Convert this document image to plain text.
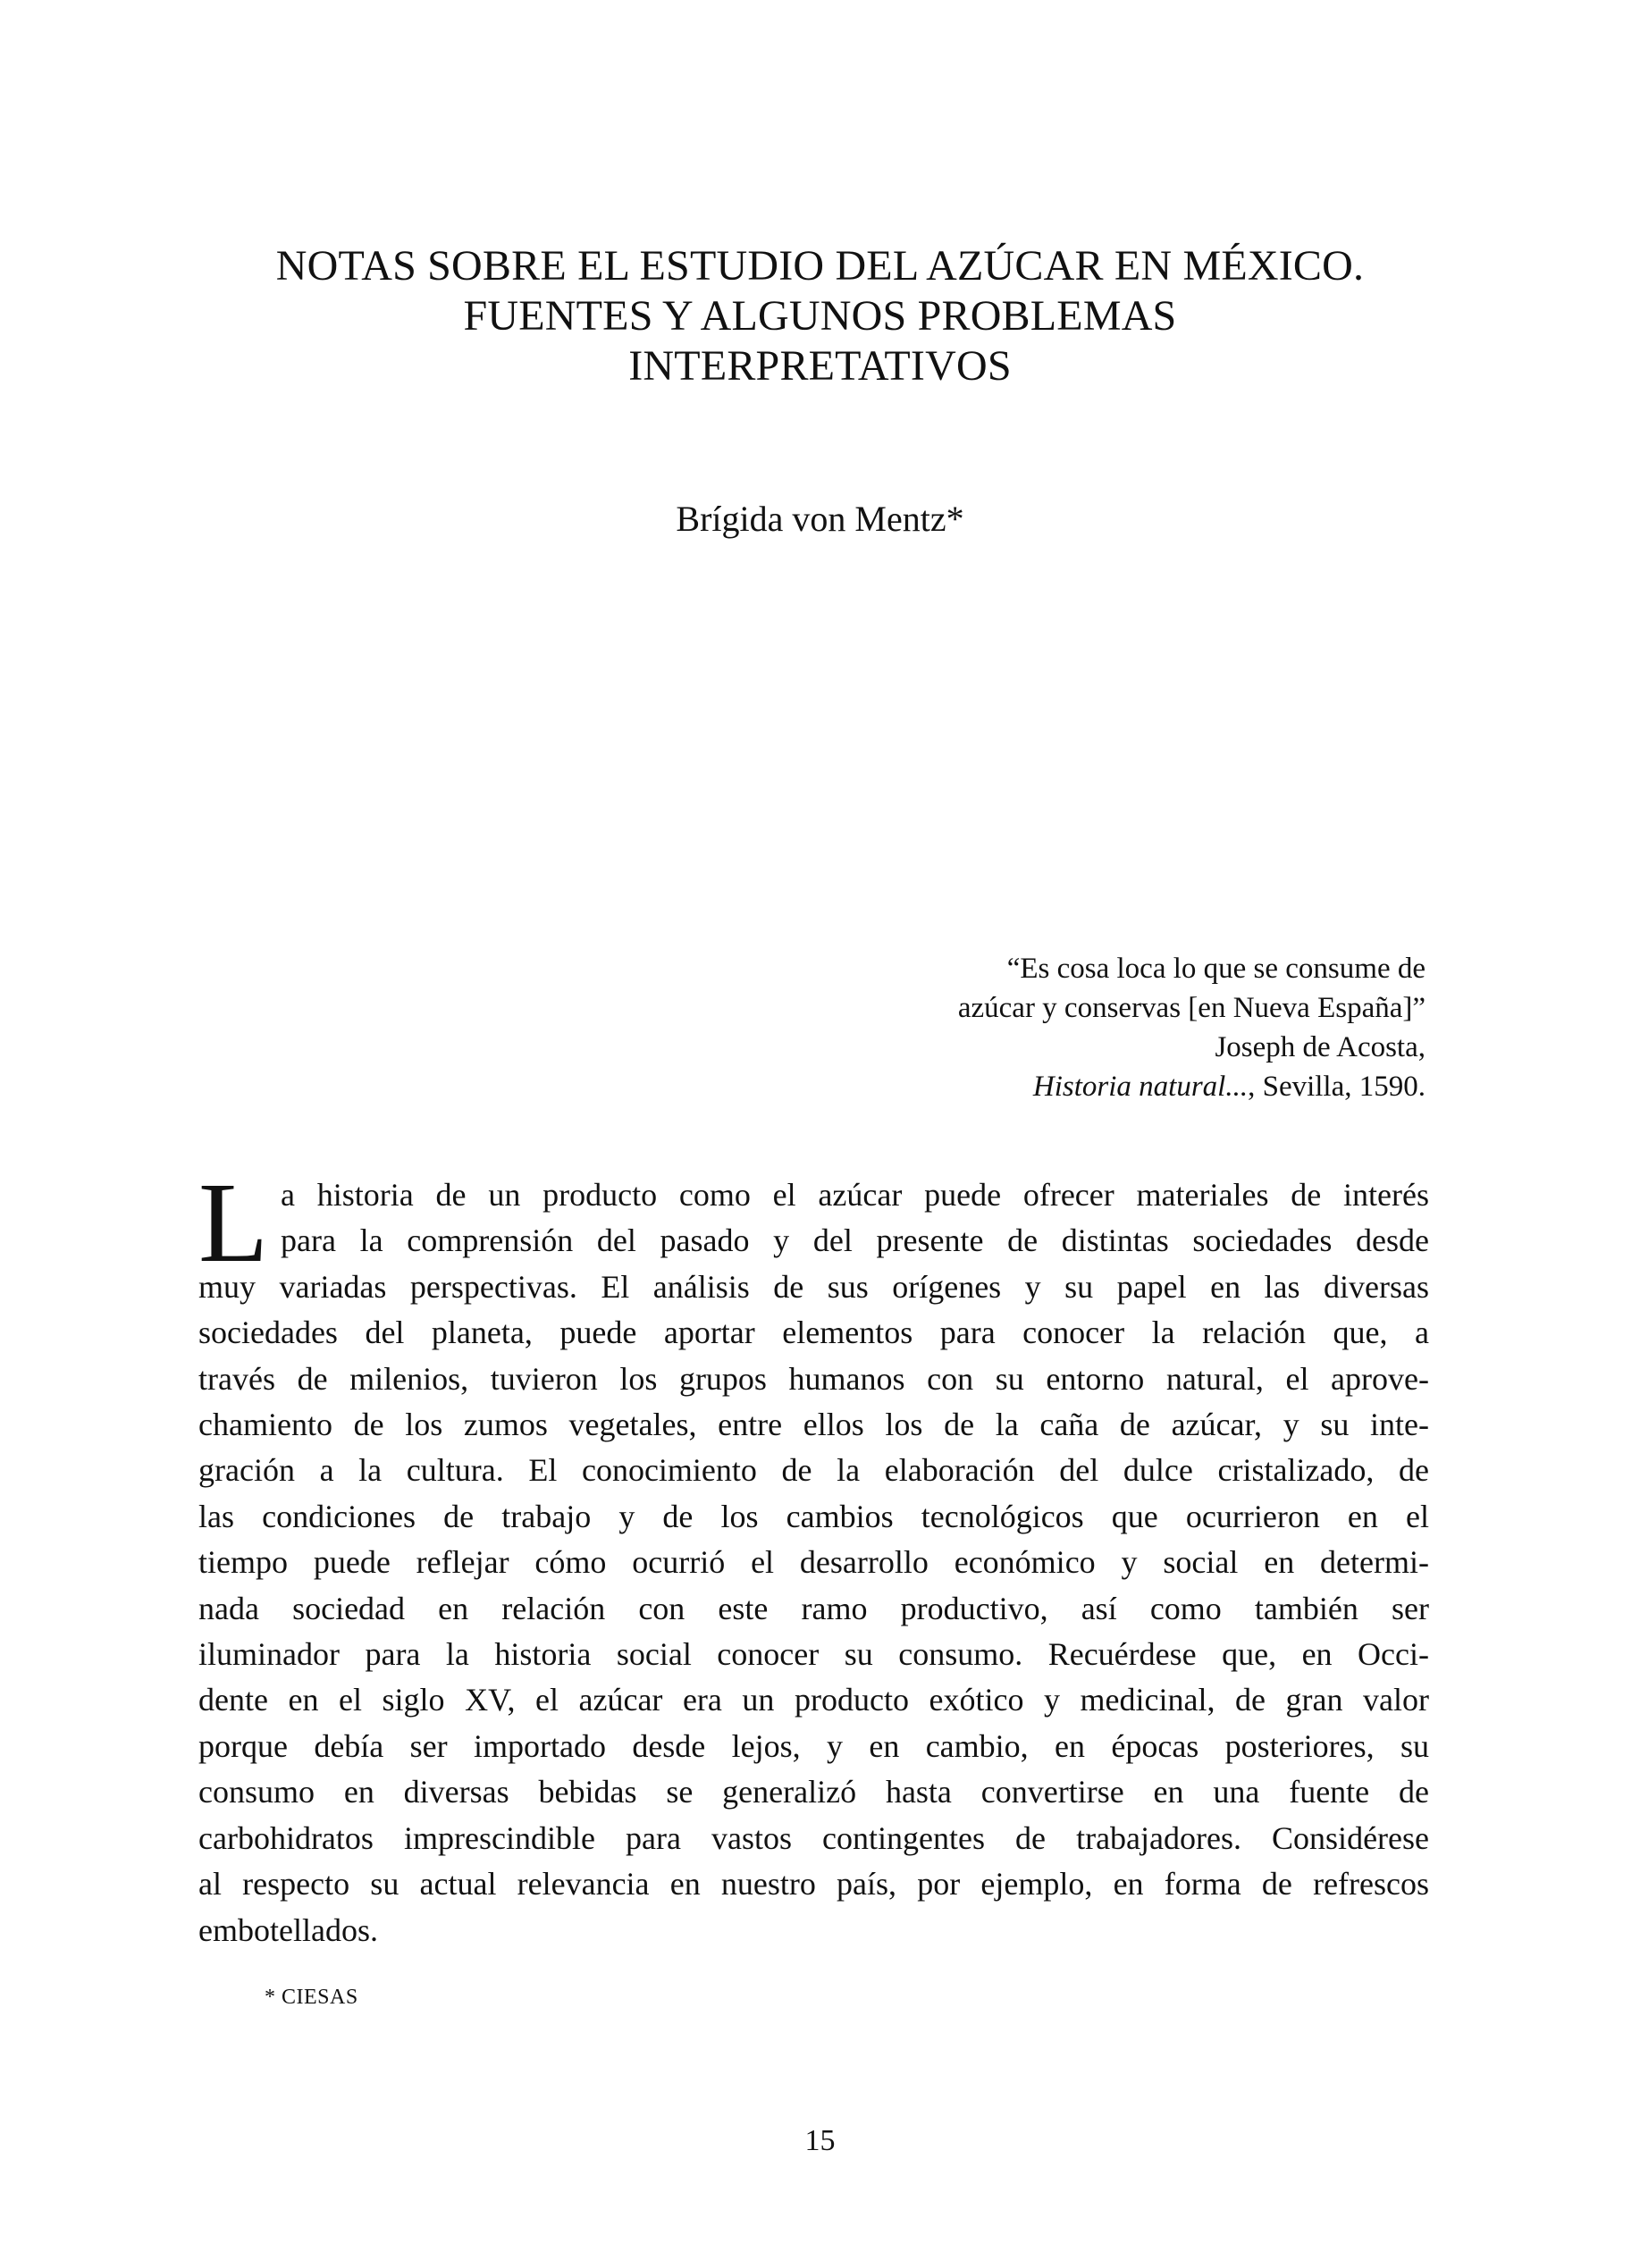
NOTAS SOBRE EL ESTUDIO DEL AZÚCAR EN MÉXICO.
FUENTES Y ALGUNOS PROBLEMAS
INTERPRETATIVOS
Brígida von Mentz*
“Es cosa loca lo que se consume de
azúcar y conservas [en Nueva España]”
Joseph de Acosta,
Historia natural..., Sevilla, 1590.
L a historia de un producto como el azúcar puede ofrecer materiales de interés
para la comprensión del pasado y del presente de distintas sociedades desde
muy variadas perspectivas. El análisis de sus orígenes y su papel en las diversas
sociedades del planeta, puede aportar elementos para conocer la relación que, a
través de milenios, tuvieron los grupos humanos con su entorno natural, el aprove-
chamiento de los zumos vegetales, entre ellos los de la caña de azúcar, y su inte-
gración a la cultura. El conocimiento de la elaboración del dulce cristalizado, de
las condiciones de trabajo y de los cambios tecnológicos que ocurrieron en el
tiempo puede reflejar cómo ocurrió el desarrollo económico y social en determi-
nada sociedad en relación con este ramo productivo, así como también ser
iluminador para la historia social conocer su consumo. Recuérdese que, en Occi-
dente en el siglo XV, el azúcar era un producto exótico y medicinal, de gran valor
porque debía ser importado desde lejos, y en cambio, en épocas posteriores, su
consumo en diversas bebidas se generalizó hasta convertirse en una fuente de
carbohidratos imprescindible para vastos contingentes de trabajadores. Considérese
al respecto su actual relevancia en nuestro país, por ejemplo, en forma de refrescos
embotellados.
* CIESAS
15
